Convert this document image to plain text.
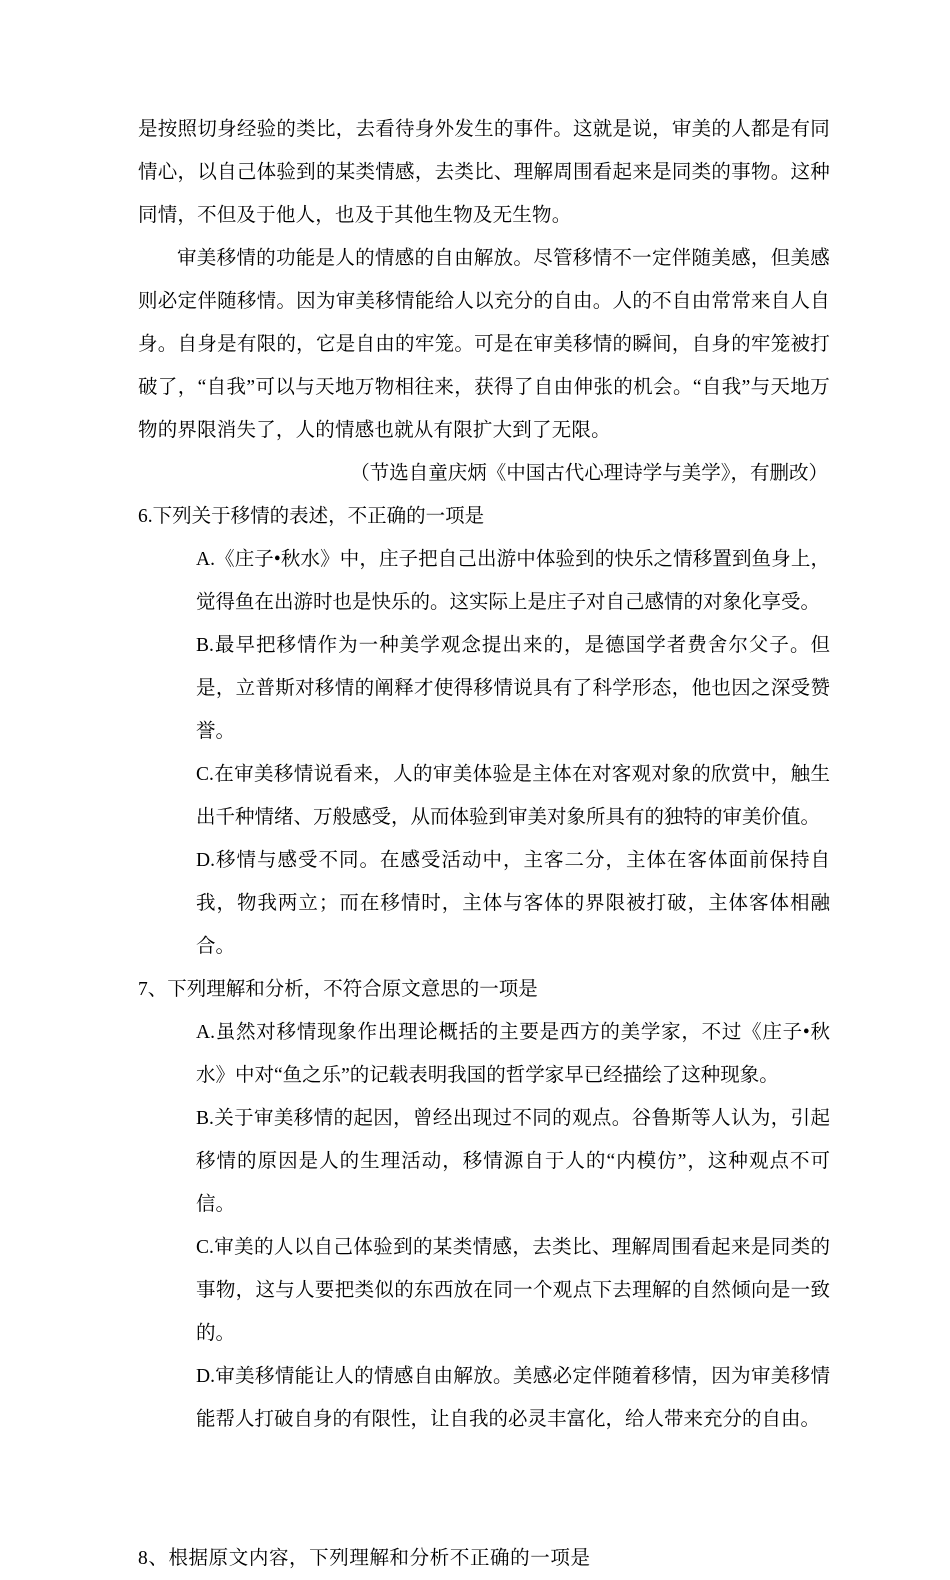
是按照切身经验的类比，去看待身外发生的事件。这就是说，审美的人都是有同情心，以自己体验到的某类情感，去类比、理解周围看起来是同类的事物。这种同情，不但及于他人，也及于其他生物及无生物。

审美移情的功能是人的情感的自由解放。尽管移情不一定伴随美感，但美感则必定伴随移情。因为审美移情能给人以充分的自由。人的不自由常常来自人自身。自身是有限的，它是自由的牢笼。可是在审美移情的瞬间，自身的牢笼被打破了，“自我”可以与天地万物相往来，获得了自由伸张的机会。“自我”与天地万物的界限消失了，人的情感也就从有限扩大到了无限。

（节选自童庆炳《中国古代心理诗学与美学》，有删改）

6.下列关于移情的表述，不正确的一项是

A.《庄子•秋水》中，庄子把自己出游中体验到的快乐之情移置到鱼身上，觉得鱼在出游时也是快乐的。这实际上是庄子对自己感情的对象化享受。

B.最早把移情作为一种美学观念提出来的，是德国学者费舍尔父子。但是，立普斯对移情的阐释才使得移情说具有了科学形态，他也因之深受赞誉。

C.在审美移情说看来，人的审美体验是主体在对客观对象的欣赏中，触生出千种情绪、万般感受，从而体验到审美对象所具有的独特的审美价值。

D.移情与感受不同。在感受活动中，主客二分，主体在客体面前保持自我，物我两立；而在移情时，主体与客体的界限被打破，主体客体相融合。

7、下列理解和分析，不符合原文意思的一项是

A.虽然对移情现象作出理论概括的主要是西方的美学家，不过《庄子•秋水》中对“鱼之乐”的记载表明我国的哲学家早已经描绘了这种现象。

B.关于审美移情的起因，曾经出现过不同的观点。谷鲁斯等人认为，引起移情的原因是人的生理活动，移情源自于人的“内模仿”，这种观点不可信。

C.审美的人以自己体验到的某类情感，去类比、理解周围看起来是同类的事物，这与人要把类似的东西放在同一个观点下去理解的自然倾向是一致的。

D.审美移情能让人的情感自由解放。美感必定伴随着移情，因为审美移情能帮人打破自身的有限性，让自我的必灵丰富化，给人带来充分的自由。

8、根据原文内容，下列理解和分析不正确的一项是
